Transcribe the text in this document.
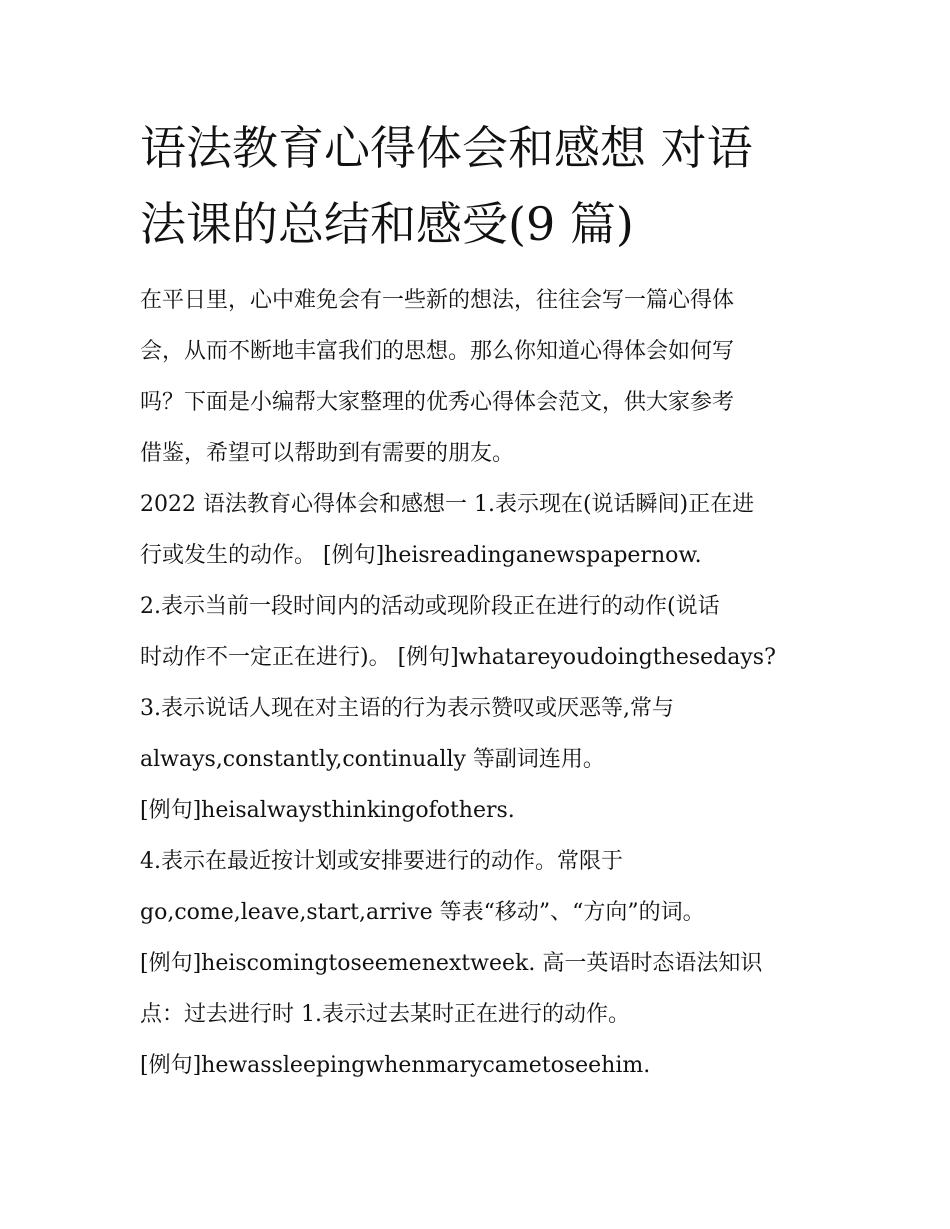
语法教育心得体会和感想 对语
法课的总结和感受(9 篇)
在平日里，心中难免会有一些新的想法，往往会写一篇心得体
会，从而不断地丰富我们的思想。那么你知道心得体会如何写
吗？下面是小编帮大家整理的优秀心得体会范文，供大家参考
借鉴，希望可以帮助到有需要的朋友。
2022 语法教育心得体会和感想一 1.表示现在(说话瞬间)正在进
行或发生的动作。 [例句]heisreadinganewspapernow.
2.表示当前一段时间内的活动或现阶段正在进行的动作(说话
时动作不一定正在进行)。 [例句]whatareyoudoingthesedays?
3.表示说话人现在对主语的行为表示赞叹或厌恶等,常与
always,constantly,continually 等副词连用。
[例句]heisalwaysthinkingofothers.
4.表示在最近按计划或安排要进行的动作。常限于
go,come,leave,start,arrive 等表“移动”、“方向”的词。
[例句]heiscomingtoseemenextweek. 高一英语时态语法知识
点：过去进行时 1.表示过去某时正在进行的动作。
[例句]hewassleepingwhenmarycametoseehim.
